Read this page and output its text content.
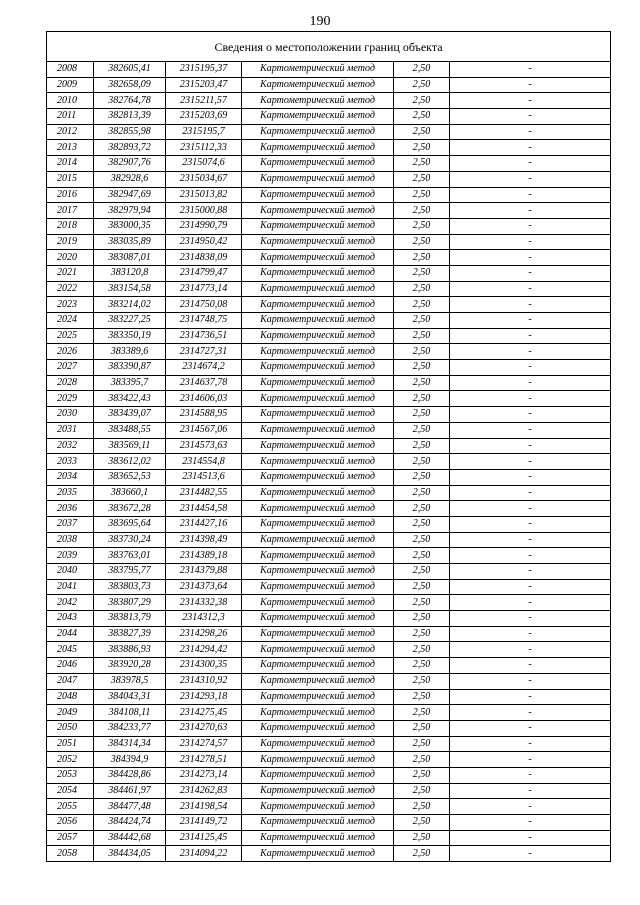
190
Сведения о местоположении границ объекта					
2008	382605,41	2315195,37	Картометрический метод	2,50	-
2009	382658,09	2315203,47	Картометрический метод	2,50	-
2010	382764,78	2315211,57	Картометрический метод	2,50	-
2011	382813,39	2315203,69	Картометрический метод	2,50	-
2012	382855,98	2315195,7	Картометрический метод	2,50	-
2013	382893,72	2315112,33	Картометрический метод	2,50	-
2014	382907,76	2315074,6	Картометрический метод	2,50	-
2015	382928,6	2315034,67	Картометрический метод	2,50	-
2016	382947,69	2315013,82	Картометрический метод	2,50	-
2017	382979,94	2315000,88	Картометрический метод	2,50	-
2018	383000,35	2314990,79	Картометрический метод	2,50	-
2019	383035,89	2314950,42	Картометрический метод	2,50	-
2020	383087,01	2314838,09	Картометрический метод	2,50	-
2021	383120,8	2314799,47	Картометрический метод	2,50	-
2022	383154,58	2314773,14	Картометрический метод	2,50	-
2023	383214,02	2314750,08	Картометрический метод	2,50	-
2024	383227,25	2314748,75	Картометрический метод	2,50	-
2025	383350,19	2314736,51	Картометрический метод	2,50	-
2026	383389,6	2314727,31	Картометрический метод	2,50	-
2027	383390,87	2314674,2	Картометрический метод	2,50	-
2028	383395,7	2314637,78	Картометрический метод	2,50	-
2029	383422,43	2314606,03	Картометрический метод	2,50	-
2030	383439,07	2314588,95	Картометрический метод	2,50	-
2031	383488,55	2314567,06	Картометрический метод	2,50	-
2032	383569,11	2314573,63	Картометрический метод	2,50	-
2033	383612,02	2314554,8	Картометрический метод	2,50	-
2034	383652,53	2314513,6	Картометрический метод	2,50	-
2035	383660,1	2314482,55	Картометрический метод	2,50	-
2036	383672,28	2314454,58	Картометрический метод	2,50	-
2037	383695,64	2314427,16	Картометрический метод	2,50	-
2038	383730,24	2314398,49	Картометрический метод	2,50	-
2039	383763,01	2314389,18	Картометрический метод	2,50	-
2040	383795,77	2314379,88	Картометрический метод	2,50	-
2041	383803,73	2314373,64	Картометрический метод	2,50	-
2042	383807,29	2314332,38	Картометрический метод	2,50	-
2043	383813,79	2314312,3	Картометрический метод	2,50	-
2044	383827,39	2314298,26	Картометрический метод	2,50	-
2045	383886,93	2314294,42	Картометрический метод	2,50	-
2046	383920,28	2314300,35	Картометрический метод	2,50	-
2047	383978,5	2314310,92	Картометрический метод	2,50	-
2048	384043,31	2314293,18	Картометрический метод	2,50	-
2049	384108,11	2314275,45	Картометрический метод	2,50	-
2050	384233,77	2314270,63	Картометрический метод	2,50	-
2051	384314,34	2314274,57	Картометрический метод	2,50	-
2052	384394,9	2314278,51	Картометрический метод	2,50	-
2053	384428,86	2314273,14	Картометрический метод	2,50	-
2054	384461,97	2314262,83	Картометрический метод	2,50	-
2055	384477,48	2314198,54	Картометрический метод	2,50	-
2056	384424,74	2314149,72	Картометрический метод	2,50	-
2057	384442,68	2314125,45	Картометрический метод	2,50	-
2058	384434,05	2314094,22	Картометрический метод	2,50	-
